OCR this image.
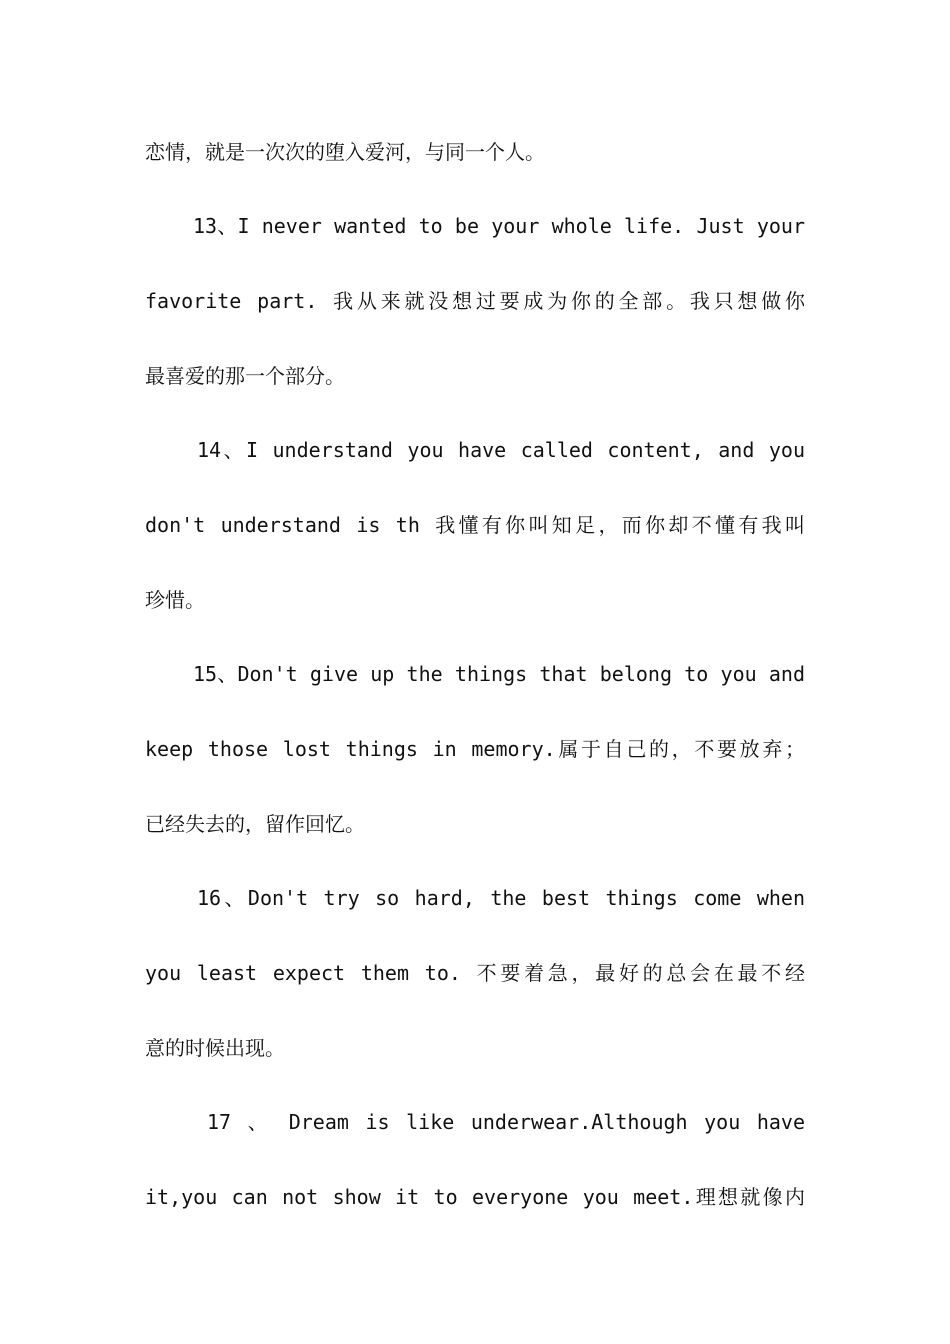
恋情，就是一次次的堕入爱河，与同一个人。
13、I never wanted to be your whole life. Just your
favorite part. 我从来就没想过要成为你的全部。我只想做你
最喜爱的那一个部分。
14、I understand you have called content, and you
don't understand is th 我懂有你叫知足，而你却不懂有我叫
珍惜。
15、Don't give up the things that belong to you and
keep those lost things in memory.属于自己的，不要放弃；
已经失去的，留作回忆。
16、Don't try so hard, the best things come when
you least expect them to. 不要着急，最好的总会在最不经
意的时候出现。
17 、 Dream is like underwear.Although you have
it,you can not show it to everyone you meet.理想就像内
